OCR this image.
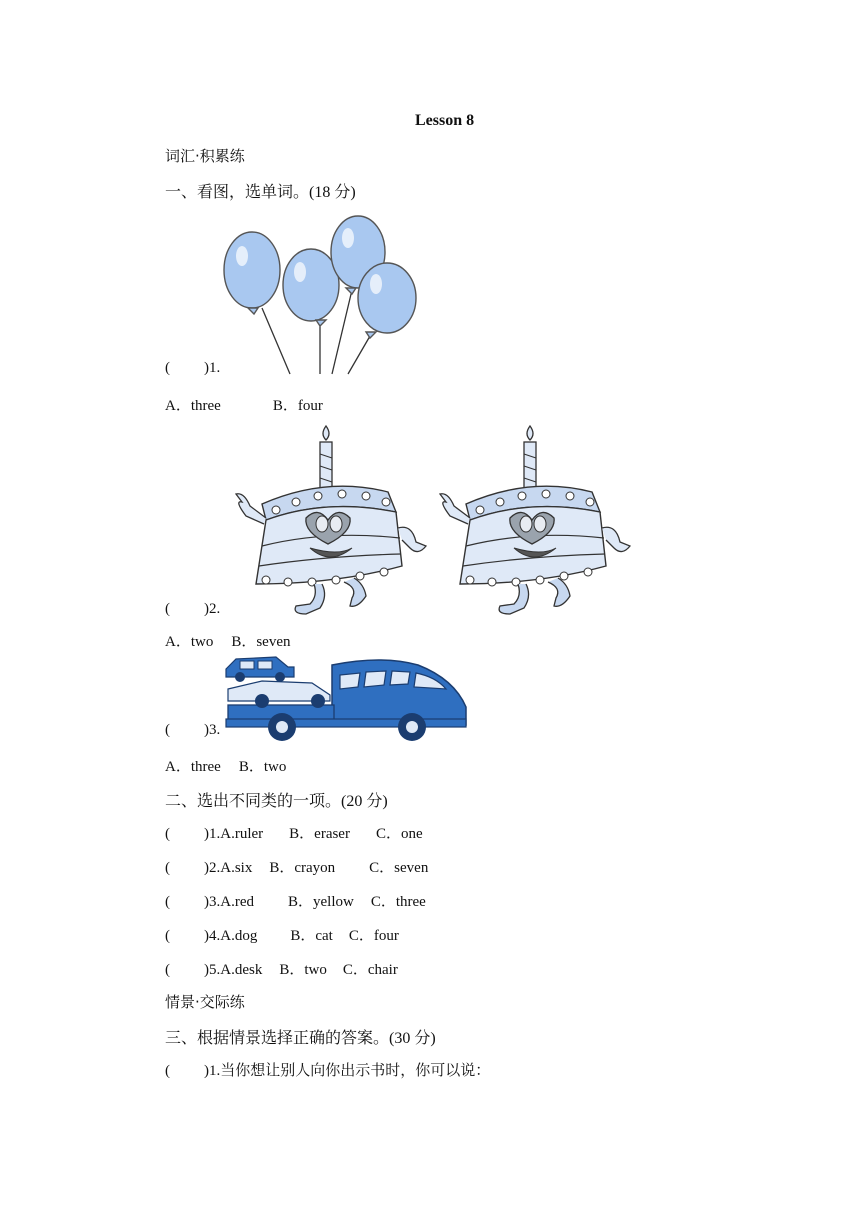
Lesson 8
词汇·积累练
一、看图，选单词。(18 分)
( )1.
A．three	B．four
( )2.
A．two B．seven
( )3.
A．three B．two
二、选出不同类的一项。(20 分)
( )1.A.ruler B．eraser C．one
( )2.A.six B．crayon C．seven
( )3.A.red B．yellow C．three
( )4.A.dog B．cat C．four
( )5.A.desk B．two C．chair
情景·交际练
三、根据情景选择正确的答案。(30 分)
( )1.当你想让别人向你出示书时，你可以说：
